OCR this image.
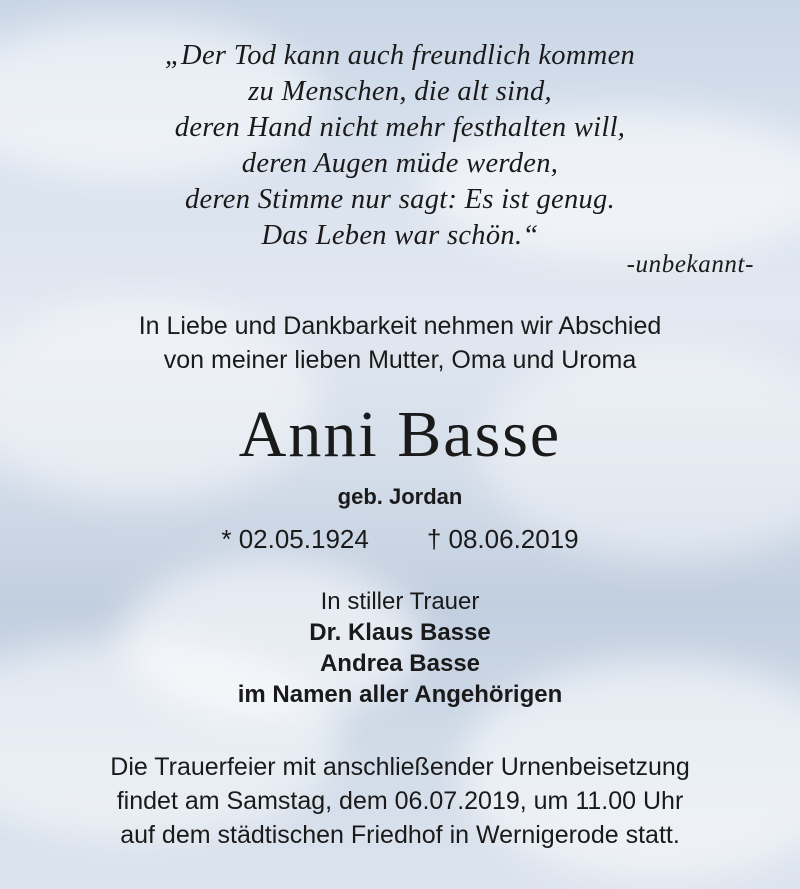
„Der Tod kann auch freundlich kommen
zu Menschen, die alt sind,
deren Hand nicht mehr festhalten will,
deren Augen müde werden,
deren Stimme nur sagt: Es ist genug.
Das Leben war schön.“
-unbekannt-
In Liebe und Dankbarkeit nehmen wir Abschied
von meiner lieben Mutter, Oma und Uroma
Anni Basse
geb. Jordan
* 02.05.1924 † 08.06.2019
In stiller Trauer
Dr. Klaus Basse
Andrea Basse
im Namen aller Angehörigen
Die Trauerfeier mit anschließender Urnenbeisetzung
findet am Samstag, dem 06.07.2019, um 11.00 Uhr
auf dem städtischen Friedhof in Wernigerode statt.
